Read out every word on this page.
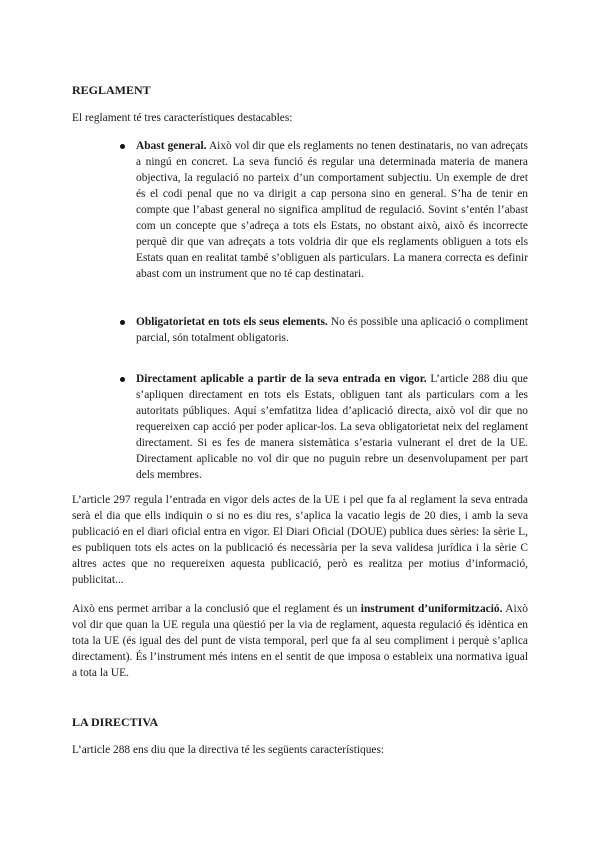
REGLAMENT

El reglament té tres característiques destacables:

Abast general. Això vol dir que els reglaments no tenen destinataris, no van adreçats a ningú en concret. La seva funció és regular una determinada materia de manera objectiva, la regulació no parteix d’un comportament subjectiu. Un exemple de dret és el codi penal que no va dirigit a cap persona sino en general. S’ha de tenir en compte que l’abast general no significa amplitud de regulació. Sovint s’entén l’abast com un concepte que s’adreça a tots els Estats, no obstant això, això és incorrecte perquè dir que van adreçats a tots voldria dir que els reglaments obliguen a tots els Estats quan en realitat també s’obliguen als particulars. La manera correcta es definir abast com un instrument que no té cap destinatari.
Obligatorietat en tots els seus elements. No és possible una aplicació o compliment parcial, són totalment obligatoris.
Directament aplicable a partir de la seva entrada en vigor. L’article 288 diu que s’apliquen directament en tots els Estats, obliguen tant als particulars com a les autoritats públiques. Aquí s’emfatitza lidea d’aplicació directa, això vol dir que no requereixen cap acció per poder aplicar-los. La seva obligatorietat neix del reglament directament. Si es fes de manera sistemàtica s’estaria vulnerant el dret de la UE. Directament aplicable no vol dir que no puguin rebre un desenvolupament per part dels membres.

L’article 297 regula l’entrada en vigor dels actes de la UE i pel que fa al reglament la seva entrada serà el dia que ells indiquin o si no es diu res, s’aplica la vacatio legis de 20 dies, i amb la seva publicació en el diari oficial entra en vigor. El Diari Oficial (DOUE) publica dues sèries: la sèrie L, es publiquen tots els actes on la publicació és necessària per la seva validesa jurídica i la sèrie C altres actes que no requereixen aquesta publicació, però es realitza per motius d’informació, publicitat...

Això ens permet arribar a la conclusió que el reglament és un instrument d’uniformització. Això vol dir que quan la UE regula una qüestió per la via de reglament, aquesta regulació és idèntica en tota la UE (és igual des del punt de vista temporal, perl que fa al seu compliment i perquè s’aplica directament). És l’instrument més intens en el sentit de que imposa o estableix una normativa igual a tota la UE.

LA DIRECTIVA

L’article 288 ens diu que la directiva té les següents característiques:
